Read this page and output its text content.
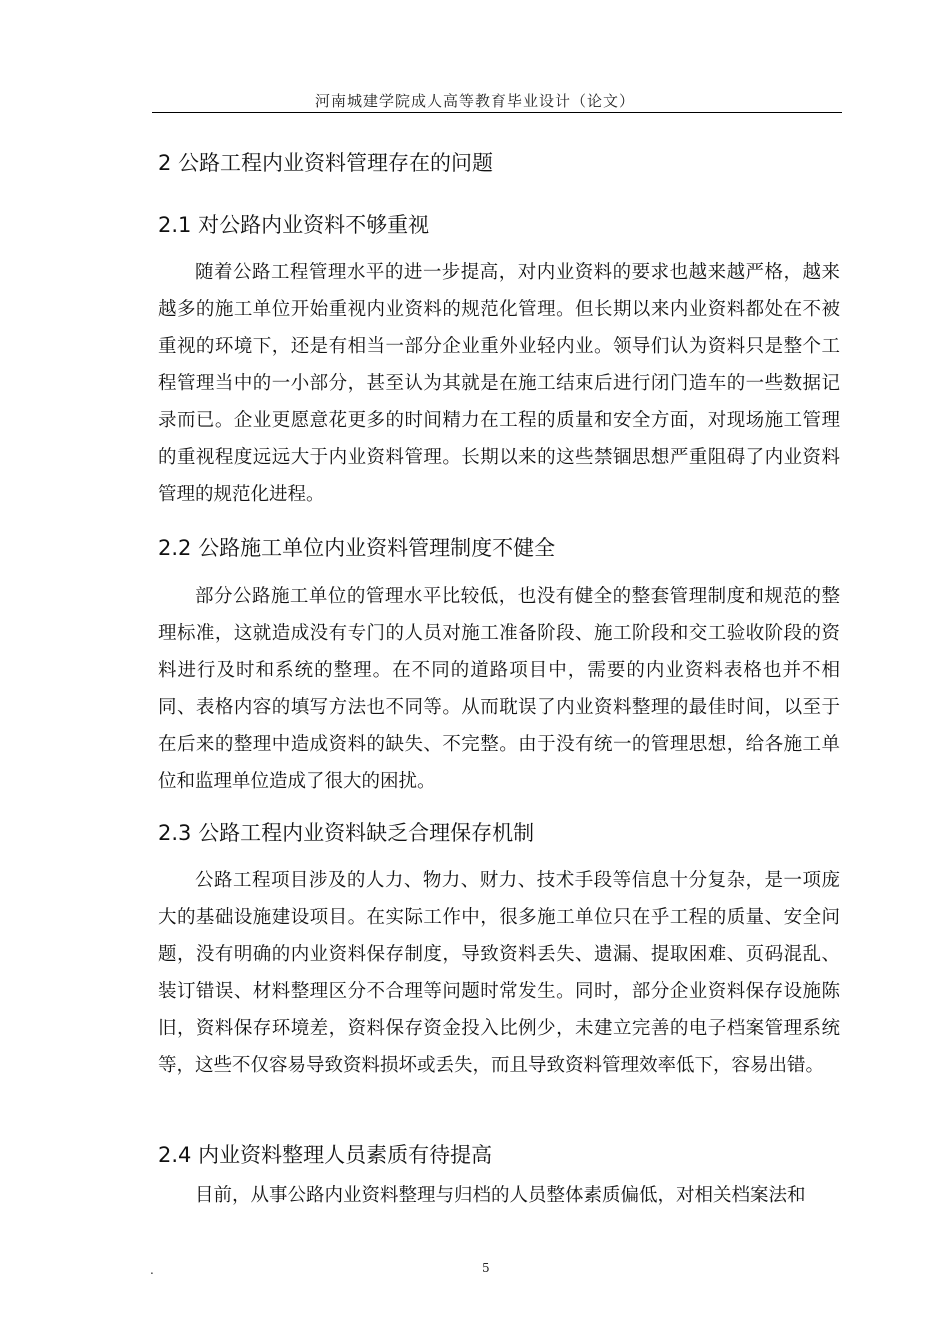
河南城建学院成人高等教育毕业设计（论文）
2 公路工程内业资料管理存在的问题
2.1 对公路内业资料不够重视
随着公路工程管理水平的进一步提高，对内业资料的要求也越来越严格，越来越多的施工单位开始重视内业资料的规范化管理。但长期以来内业资料都处在不被重视的环境下，还是有相当一部分企业重外业轻内业。领导们认为资料只是整个工程管理当中的一小部分，甚至认为其就是在施工结束后进行闭门造车的一些数据记录而已。企业更愿意花更多的时间精力在工程的质量和安全方面，对现场施工管理的重视程度远远大于内业资料管理。长期以来的这些禁锢思想严重阻碍了内业资料管理的规范化进程。
2.2 公路施工单位内业资料管理制度不健全
部分公路施工单位的管理水平比较低，也没有健全的整套管理制度和规范的整理标准，这就造成没有专门的人员对施工准备阶段、施工阶段和交工验收阶段的资料进行及时和系统的整理。在不同的道路项目中，需要的内业资料表格也并不相同、表格内容的填写方法也不同等。从而耽误了内业资料整理的最佳时间，以至于在后来的整理中造成资料的缺失、不完整。由于没有统一的管理思想，给各施工单位和监理单位造成了很大的困扰。
2.3 公路工程内业资料缺乏合理保存机制
公路工程项目涉及的人力、物力、财力、技术手段等信息十分复杂，是一项庞大的基础设施建设项目。在实际工作中，很多施工单位只在乎工程的质量、安全问题，没有明确的内业资料保存制度，导致资料丢失、遗漏、提取困难、页码混乱、装订错误、材料整理区分不合理等问题时常发生。同时，部分企业资料保存设施陈旧，资料保存环境差，资料保存资金投入比例少，未建立完善的电子档案管理系统等，这些不仅容易导致资料损坏或丢失，而且导致资料管理效率低下，容易出错。
2.4 内业资料整理人员素质有待提高
目前，从事公路内业资料整理与归档的人员整体素质偏低，对相关档案法和
.	5
